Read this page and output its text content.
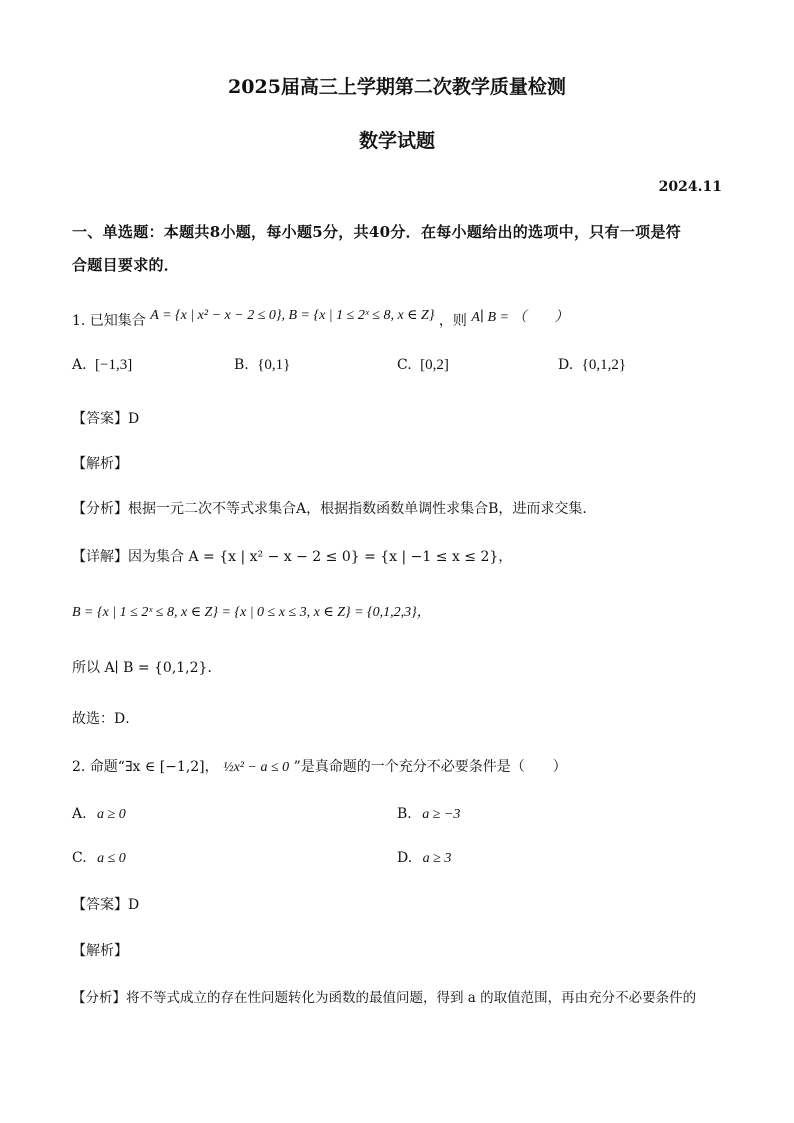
2025届高三上学期第二次教学质量检测
数学试题
2024.11
一、单选题：本题共8小题，每小题5分，共40分．在每小题给出的选项中，只有一项是符
合题目要求的．
1. 已知集合 A = {x | x² − x − 2 ≤ 0}, B = {x | 1 ≤ 2ˣ ≤ 8, x ∈ Z} ，则 A∣ B = （　　）
A. [−1,3]	B. {0,1}	C. [0,2]	D. {0,1,2}
【答案】D
【解析】
【分析】根据一元二次不等式求集合A，根据指数函数单调性求集合B，进而求交集.
【详解】因为集合 A = {x | x² − x − 2 ≤ 0} = {x | −1 ≤ x ≤ 2}，
B = {x | 1 ≤ 2ˣ ≤ 8, x ∈ Z} = {x | 0 ≤ x ≤ 3, x ∈ Z} = {0,1,2,3}，
所以 A∣ B = {0,1,2}．
故选：D．
2. 命题“∃x ∈ [−1,2]， ½x² − a ≤ 0 ”是真命题的一个充分不必要条件是（　　）
A. a ≥ 0	B. a ≥ −3
C. a ≤ 0	D. a ≥ 3
【答案】D
【解析】
【分析】将不等式成立的存在性问题转化为函数的最值问题，得到 a 的取值范围，再由充分不必要条件的
